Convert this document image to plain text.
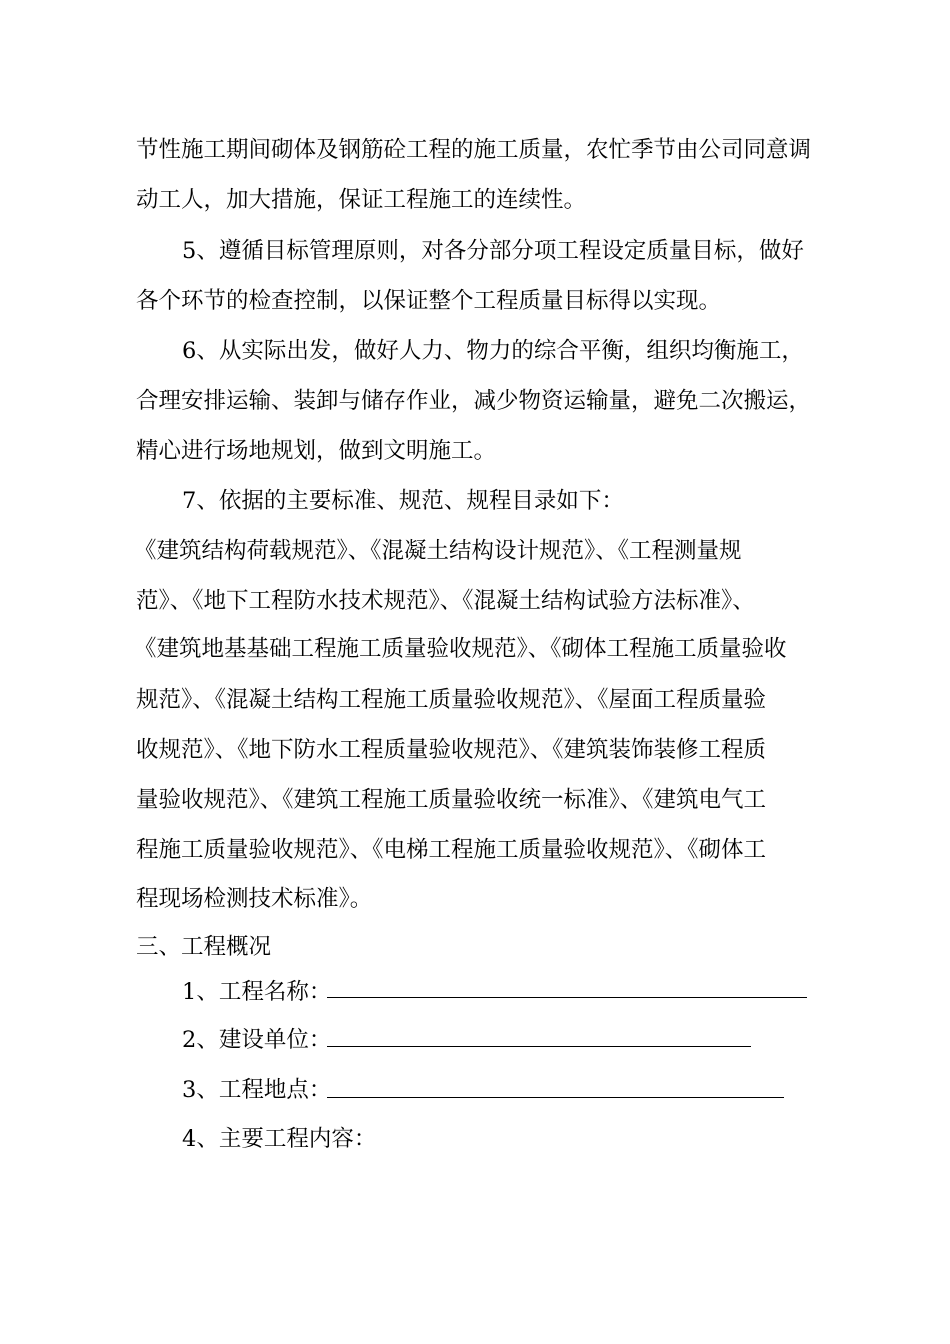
节性施工期间砌体及钢筋砼工程的施工质量，农忙季节由公司同意调
动工人，加大措施，保证工程施工的连续性。
5、遵循目标管理原则，对各分部分项工程设定质量目标，做好
各个环节的检查控制，以保证整个工程质量目标得以实现。
6、从实际出发，做好人力、物力的综合平衡，组织均衡施工，
合理安排运输、装卸与储存作业，减少物资运输量，避免二次搬运，
精心进行场地规划，做到文明施工。
7、依据的主要标准、规范、规程目录如下：
《建筑结构荷载规范》、《混凝土结构设计规范》、《工程测量规
范》、《地下工程防水技术规范》、《混凝土结构试验方法标准》、
《建筑地基基础工程施工质量验收规范》、《砌体工程施工质量验收
规范》、《混凝土结构工程施工质量验收规范》、《屋面工程质量验
收规范》、《地下防水工程质量验收规范》、《建筑装饰装修工程质
量验收规范》、《建筑工程施工质量验收统一标准》、《建筑电气工
程施工质量验收规范》、《电梯工程施工质量验收规范》、《砌体工
程现场检测技术标准》。
三、工程概况
1、工程名称：
2、建设单位：
3、工程地点：
4、主要工程内容：
